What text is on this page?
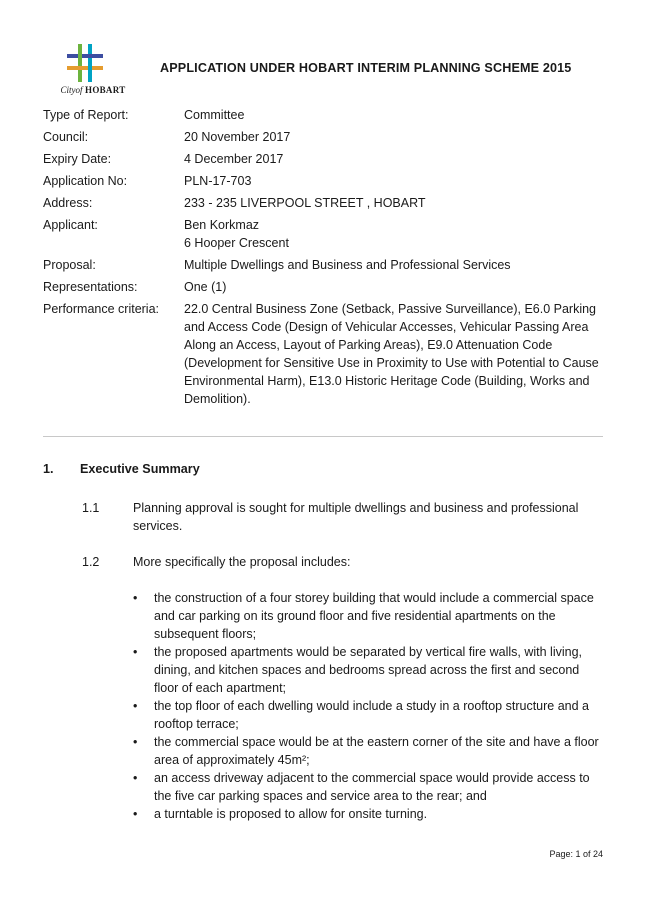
Cityof HOBART
APPLICATION UNDER HOBART INTERIM PLANNING SCHEME 2015
Type of Report:	Committee
Council:	20 November 2017
Expiry Date:	4 December 2017
Application No:	PLN-17-703
Address:	233 - 235 LIVERPOOL STREET , HOBART
Applicant:	Ben Korkmaz
6 Hooper Crescent
Proposal:	Multiple Dwellings and Business and Professional Services
Representations:	One (1)
Performance criteria:	22.0 Central Business Zone (Setback, Passive Surveillance), E6.0 Parking and Access Code (Design of Vehicular Accesses, Vehicular Passing Area Along an Access, Layout of Parking Areas), E9.0 Attenuation Code (Development for Sensitive Use in Proximity to Use with Potential to Cause Environmental Harm), E13.0 Historic Heritage Code (Building, Works and Demolition).
1. Executive Summary
1.1	Planning approval is sought for multiple dwellings and business and professional services.
1.2	More specifically the proposal includes:
• the construction of a four storey building that would include a commercial space and car parking on its ground floor and five residential apartments on the subsequent floors;
• the proposed apartments would be separated by vertical fire walls, with living, dining, and kitchen spaces and bedrooms spread across the first and second floor of each apartment;
• the top floor of each dwelling would include a study in a rooftop structure and a rooftop terrace;
• the commercial space would be at the eastern corner of the site and have a floor area of approximately 45m²;
• an access driveway adjacent to the commercial space would provide access to the five car parking spaces and service area to the rear; and
• a turntable is proposed to allow for onsite turning.
Page: 1 of 24
